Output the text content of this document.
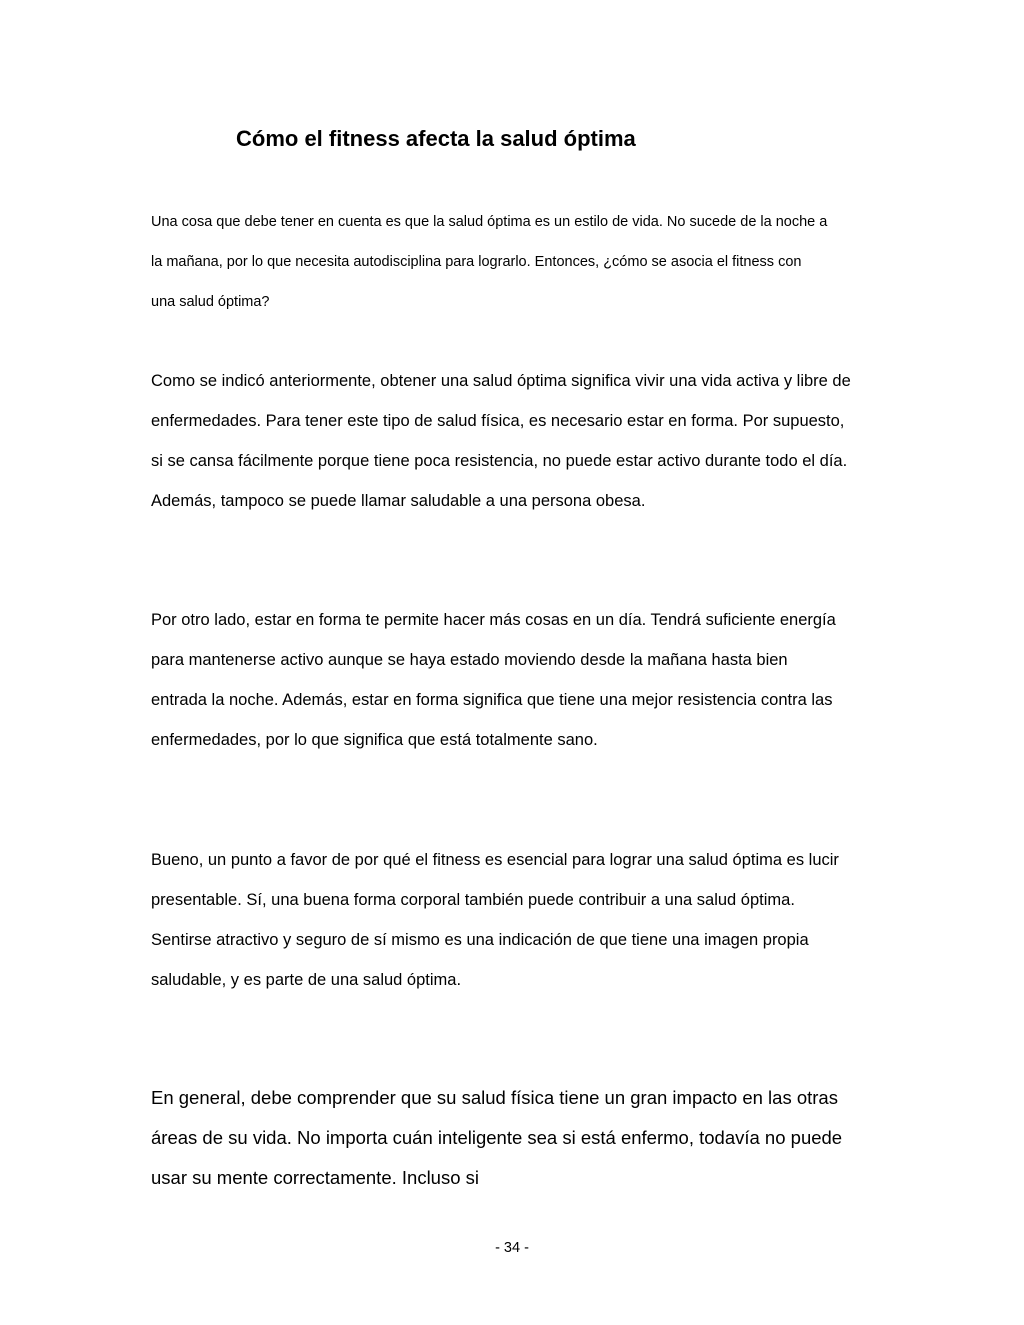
Cómo el fitness afecta la salud óptima

Una cosa que debe tener en cuenta es que la salud óptima es un estilo de vida. No sucede de la noche a
la mañana, por lo que necesita autodisciplina para lograrlo. Entonces, ¿cómo se asocia el fitness con
una salud óptima?

Como se indicó anteriormente, obtener una salud óptima significa vivir una vida activa y libre de
enfermedades. Para tener este tipo de salud física, es necesario estar en forma. Por supuesto,
si se cansa fácilmente porque tiene poca resistencia, no puede estar activo durante todo el día.
Además, tampoco se puede llamar saludable a una persona obesa.

Por otro lado, estar en forma te permite hacer más cosas en un día. Tendrá suficiente energía
para mantenerse activo aunque se haya estado moviendo desde la mañana hasta bien
entrada la noche. Además, estar en forma significa que tiene una mejor resistencia contra las
enfermedades, por lo que significa que está totalmente sano.

Bueno, un punto a favor de por qué el fitness es esencial para lograr una salud óptima es lucir
presentable. Sí, una buena forma corporal también puede contribuir a una salud óptima.
Sentirse atractivo y seguro de sí mismo es una indicación de que tiene una imagen propia
saludable, y es parte de una salud óptima.

En general, debe comprender que su salud física tiene un gran impacto en las otras
áreas de su vida. No importa cuán inteligente sea si está enfermo, todavía no puede
usar su mente correctamente. Incluso si

- 34 -
